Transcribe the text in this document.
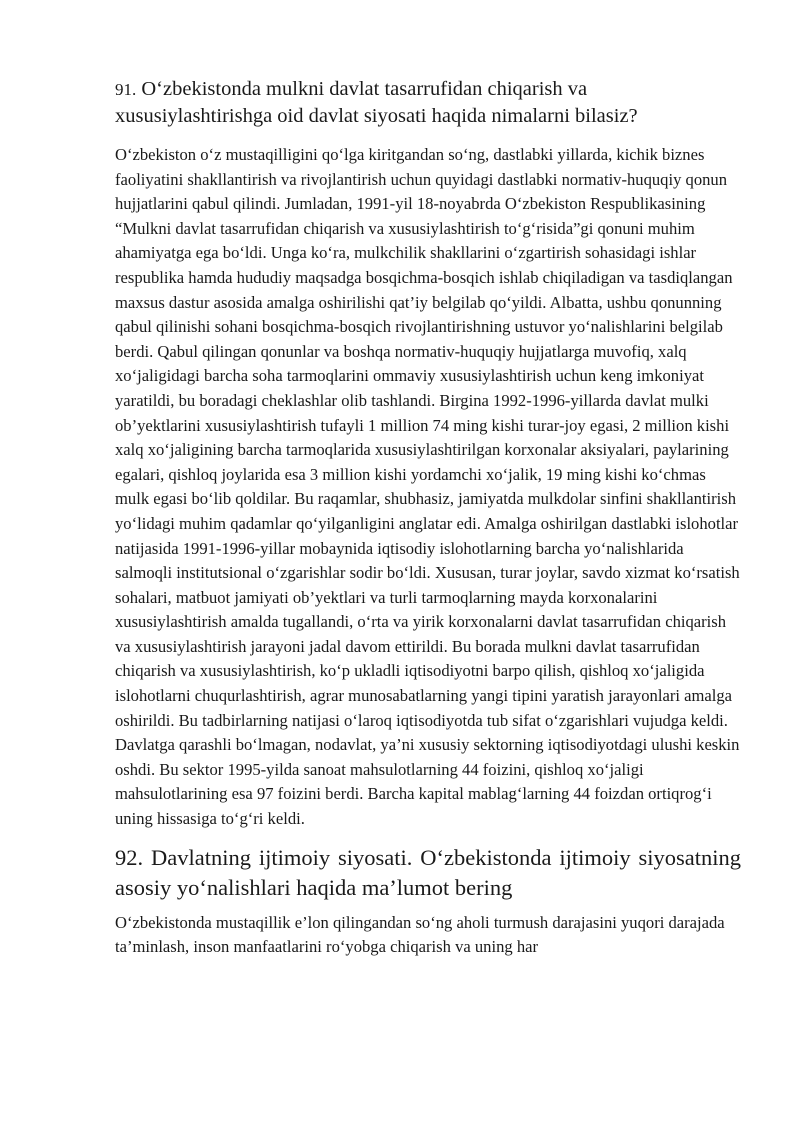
91. O‘zbekistonda mulkni davlat tasarrufidan chiqarish va xususiylashtirishga oid davlat siyosati haqida nimalarni bilasiz?

O‘zbekiston o‘z mustaqilligini qo‘lga kiritgandan so‘ng, dastlabki yillarda, kichik biznes faoliyatini shakllantirish va rivojlantirish uchun quyidagi dastlabki normativ-huquqiy qonun hujjatlarini qabul qilindi. Jumladan, 1991-yil 18-noyabrda O‘zbekiston Respublikasining “Mulkni davlat tasarrufidan chiqarish va xususiylashtirish to‘g‘risida”gi qonuni muhim ahamiyatga ega bo‘ldi. Unga ko‘ra, mulkchilik shakllarini o‘zgartirish sohasidagi ishlar respublika hamda hududiy maqsadga bosqichma-bosqich ishlab chiqiladigan va tasdiqlangan maxsus dastur asosida amalga oshirilishi qat’iy belgilab qo‘yildi. Albatta, ushbu qonunning qabul qilinishi sohani bosqichma-bosqich rivojlantirishning ustuvor yo‘nalishlarini belgilab berdi. Qabul qilingan qonunlar va boshqa normativ-huquqiy hujjatlarga muvofiq, xalq xo‘jaligidagi barcha soha tarmoqlarini ommaviy xususiylashtirish uchun keng imkoniyat yaratildi, bu boradagi cheklashlar olib tashlandi. Birgina 1992-1996-yillarda davlat mulki ob’yektlarini xususiylashtirish tufayli 1 million 74 ming kishi turar-joy egasi, 2 million kishi xalq xo‘jaligining barcha tarmoqlarida xususiylashtirilgan korxonalar aksiyalari, paylarining egalari, qishloq joylarida esa 3 million kishi yordamchi xo‘jalik, 19 ming kishi ko‘chmas mulk egasi bo‘lib qoldilar. Bu raqamlar, shubhasiz, jamiyatda mulkdolar sinfini shakllantirish yo‘lidagi muhim qadamlar qo‘yilganligini anglatar edi. Amalga oshirilgan dastlabki islohotlar natijasida 1991-1996-yillar mobaynida iqtisodiy islohotlarning barcha yo‘nalishlarida salmoqli institutsional o‘zgarishlar sodir bo‘ldi. Xususan, turar joylar, savdo xizmat ko‘rsatish sohalari, matbuot jamiyati ob’yektlari va turli tarmoqlarning mayda korxonalarini xususiylashtirish amalda tugallandi, o‘rta va yirik korxonalarni davlat tasarrufidan chiqarish va xususiylashtirish jarayoni jadal davom ettirildi. Bu borada mulkni davlat tasarrufidan chiqarish va xususiylashtirish, ko‘p ukladli iqtisodiyotni barpo qilish, qishloq xo‘jaligida islohotlarni chuqurlashtirish, agrar munosabatlarning yangi tipini yaratish jarayonlari amalga oshirildi. Bu tadbirlarning natijasi o‘laroq iqtisodiyotda tub sifat o‘zgarishlari vujudga keldi. Davlatga qarashli bo‘lmagan, nodavlat, ya’ni xususiy sektorning iqtisodiyotdagi ulushi keskin oshdi. Bu sektor 1995-yilda sanoat mahsulotlarning 44 foizini, qishloq xo‘jaligi mahsulotlarining esa 97 foizini berdi. Barcha kapital mablag‘larning 44 foizdan ortiqrog‘i uning hissasiga to‘g‘ri keldi.

92. Davlatning ijtimoiy siyosati. O‘zbekistonda ijtimoiy siyosatning asosiy yo‘nalishlari haqida ma’lumot bering

O‘zbekistonda mustaqillik e’lon qilingandan so‘ng aholi turmush darajasini yuqori darajada ta’minlash, inson manfaatlarini ro‘yobga chiqarish va uning har
